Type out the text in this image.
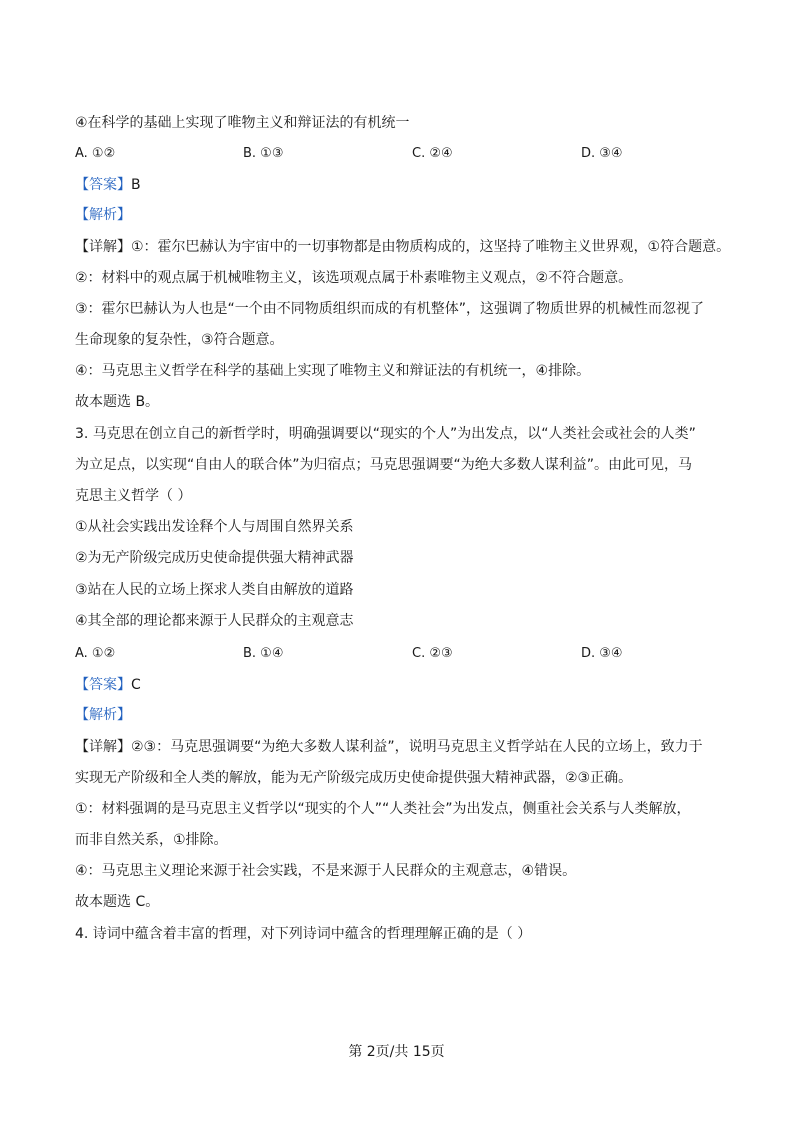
④在科学的基础上实现了唯物主义和辩证法的有机统一
A. ①②	B. ①③	C. ②④	D. ③④
【答案】B
【解析】
【详解】①：霍尔巴赫认为宇宙中的一切事物都是由物质构成的，这坚持了唯物主义世界观，①符合题意。
②：材料中的观点属于机械唯物主义，该选项观点属于朴素唯物主义观点，②不符合题意。
③：霍尔巴赫认为人也是“一个由不同物质组织而成的有机整体”，这强调了物质世界的机械性而忽视了
生命现象的复杂性，③符合题意。
④：马克思主义哲学在科学的基础上实现了唯物主义和辩证法的有机统一，④排除。
故本题选 B。
3. 马克思在创立自己的新哲学时，明确强调要以“现实的个人”为出发点，以“人类社会或社会的人类”
为立足点，以实现“自由人的联合体”为归宿点；马克思强调要“为绝大多数人谋利益”。由此可见，马
克思主义哲学（ ）
①从社会实践出发诠释个人与周围自然界关系
②为无产阶级完成历史使命提供强大精神武器
③站在人民的立场上探求人类自由解放的道路
④其全部的理论都来源于人民群众的主观意志
A. ①②	B. ①④	C. ②③	D. ③④
【答案】C
【解析】
【详解】②③：马克思强调要“为绝大多数人谋利益”，说明马克思主义哲学站在人民的立场上，致力于
实现无产阶级和全人类的解放，能为无产阶级完成历史使命提供强大精神武器，②③正确。
①：材料强调的是马克思主义哲学以“现实的个人”“人类社会”为出发点，侧重社会关系与人类解放，
而非自然关系，①排除。
④：马克思主义理论来源于社会实践，不是来源于人民群众的主观意志，④错误。
故本题选 C。
4. 诗词中蕴含着丰富的哲理，对下列诗词中蕴含的哲理理解正确的是（ ）
第 2页/共 15页
